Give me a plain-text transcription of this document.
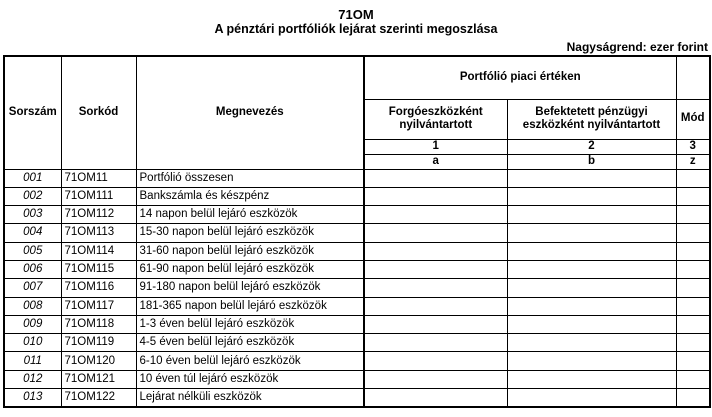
71OM
A pénztári portfóliók lejárat szerinti megoszlása
Nagyságrend: ezer forint
Sorszám	Sorkód	Megnevezés	Portfólió piaci értéken		
			Forgóeszközként nyilvántartott	Befektetett pénzügyi eszközként nyilvántartott	Mód
			1	2	3
			a	b	z
001	71OM11	Portfólió összesen			
002	71OM111	Bankszámla és készpénz			
003	71OM112	14 napon belül lejáró eszközök			
004	71OM113	15-30 napon belül lejáró eszközök			
005	71OM114	31-60 napon belül lejáró eszközök			
006	71OM115	61-90 napon belül lejáró eszközök			
007	71OM116	91-180 napon belül lejáró eszközök			
008	71OM117	181-365 napon belül lejáró eszközök			
009	71OM118	1-3 éven belül lejáró eszközök			
010	71OM119	4-5 éven belül lejáró eszközök			
011	71OM120	6-10 éven belül lejáró eszközök			
012	71OM121	10 éven túl lejáró eszközök			
013	71OM122	Lejárat nélküli eszközök			
